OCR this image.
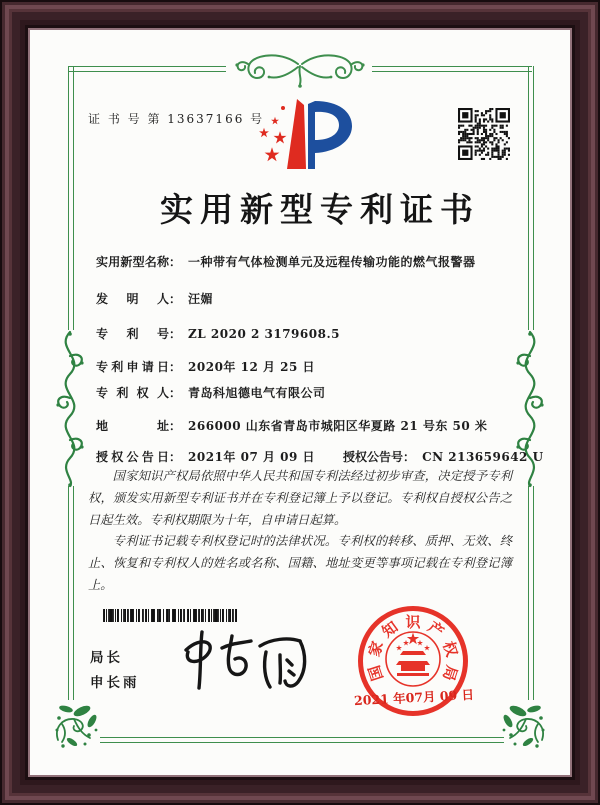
证 书 号 第 13637166 号
实用新型专利证书
实用新型名称： 一种带有气体检测单元及远程传输功能的燃气报警器
发明人： 汪媚
专利号： ZL 2020 2 3179608.5
专利申请日： 2020年 12 月 25 日
专利权人： 青岛科旭德电气有限公司
地址： 266000 山东省青岛市城阳区华夏路 21 号东 50 米
授权公告日： 2021年 07 月 09 日 授权公告号： CN 213659642 U

国家知识产权局依照中华人民共和国专利法经过初步审查，决定授予专利权，颁发实用新型专利证书并在专利登记簿上予以登记。专利权自授权公告之日起生效。专利权期限为十年，自申请日起算。

专利证书记载专利权登记时的法律状况。专利权的转移、质押、无效、终止、恢复和专利权人的姓名或名称、国籍、地址变更等事项记载在专利登记簿上。

局长
申长雨	国
家
知 识 产
权
局
2021 年07月 09 日
